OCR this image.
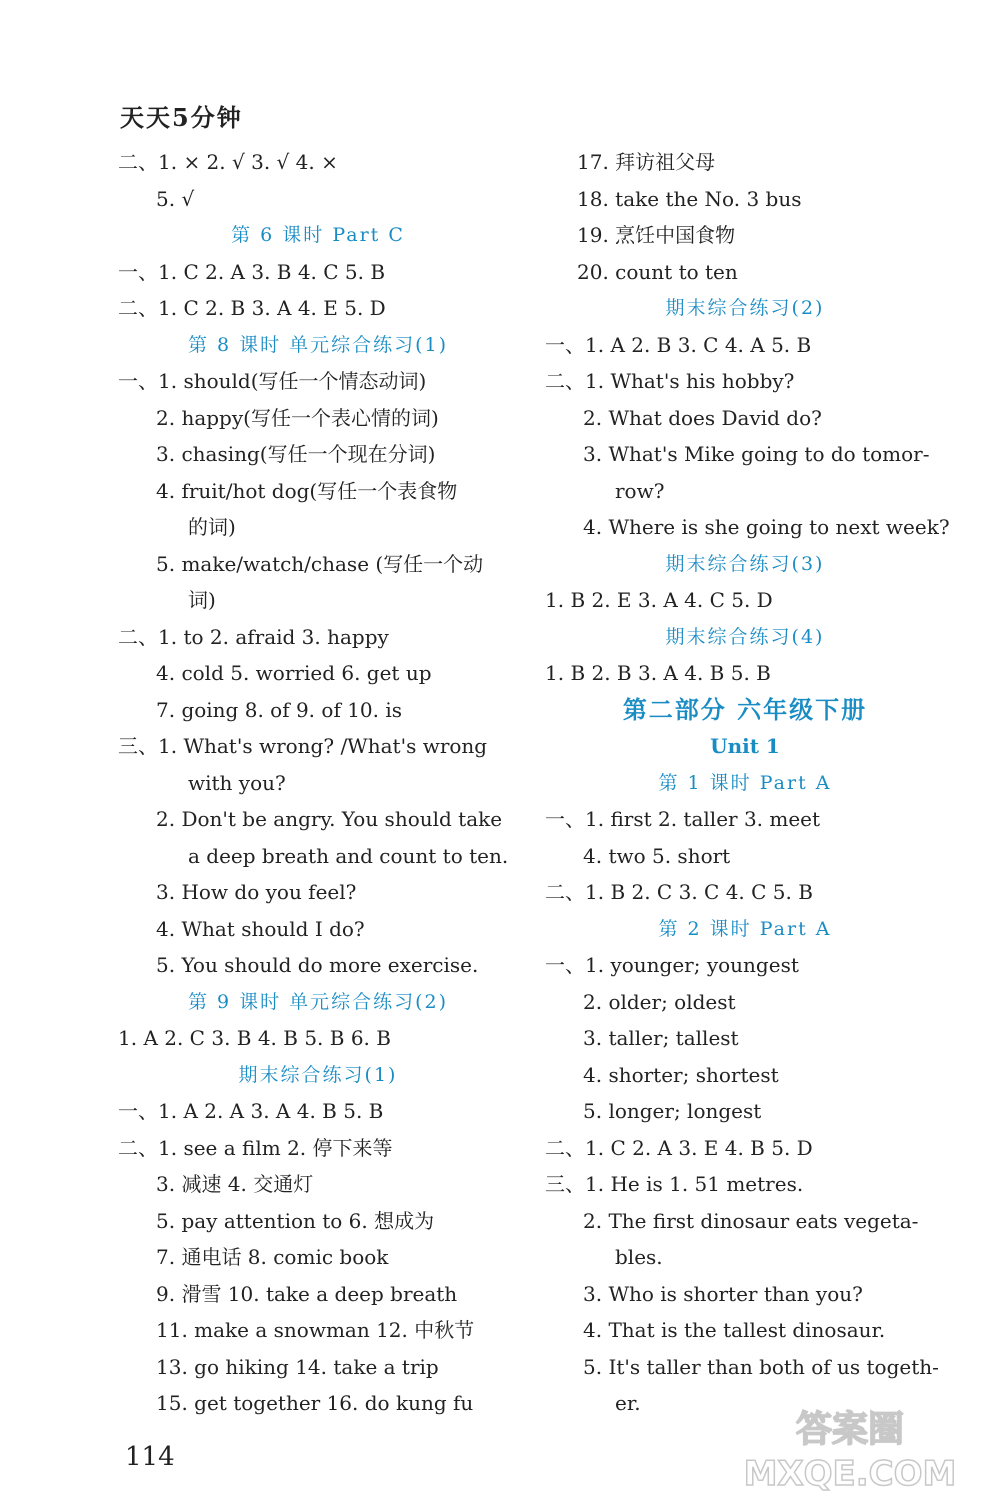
天天5分钟
二、1. × 2. √ 3. √ 4. ×
5. √
第 6 课时 Part C
一、1. C 2. A 3. B 4. C 5. B
二、1. C 2. B 3. A 4. E 5. D
第 8 课时 单元综合练习(1)
一、1. should(写任一个情态动词)
2. happy(写任一个表心情的词)
3. chasing(写任一个现在分词)
4. fruit/hot dog(写任一个表食物
的词)
5. make/watch/chase (写任一个动
词)
二、1. to 2. afraid 3. happy
4. cold 5. worried 6. get up
7. going 8. of 9. of 10. is
三、1. What's wrong? /What's wrong
with you?
2. Don't be angry. You should take
a deep breath and count to ten.
3. How do you feel?
4. What should I do?
5. You should do more exercise.
第 9 课时 单元综合练习(2)
1. A 2. C 3. B 4. B 5. B 6. B
期末综合练习(1)
一、1. A 2. A 3. A 4. B 5. B
二、1. see a film 2. 停下来等
3. 减速 4. 交通灯
5. pay attention to 6. 想成为
7. 通电话 8. comic book
9. 滑雪 10. take a deep breath
11. make a snowman 12. 中秋节
13. go hiking 14. take a trip
15. get together 16. do kung fu
17. 拜访祖父母
18. take the No. 3 bus
19. 烹饪中国食物
20. count to ten
期末综合练习(2)
一、1. A 2. B 3. C 4. A 5. B
二、1. What's his hobby?
2. What does David do?
3. What's Mike going to do tomor-
row?
4. Where is she going to next week?
期末综合练习(3)
1. B 2. E 3. A 4. C 5. D
期末综合练习(4)
1. B 2. B 3. A 4. B 5. B
第二部分 六年级下册
Unit 1
第 1 课时 Part A
一、1. first 2. taller 3. meet
4. two 5. short
二、1. B 2. C 3. C 4. C 5. B
第 2 课时 Part A
一、1. younger; youngest
2. older; oldest
3. taller; tallest
4. shorter; shortest
5. longer; longest
二、1. C 2. A 3. E 4. B 5. D
三、1. He is 1. 51 metres.
2. The first dinosaur eats vegeta-
bles.
3. Who is shorter than you?
4. That is the tallest dinosaur.
5. It's taller than both of us togeth-
er.
114
答案圈
MXQE.COM
